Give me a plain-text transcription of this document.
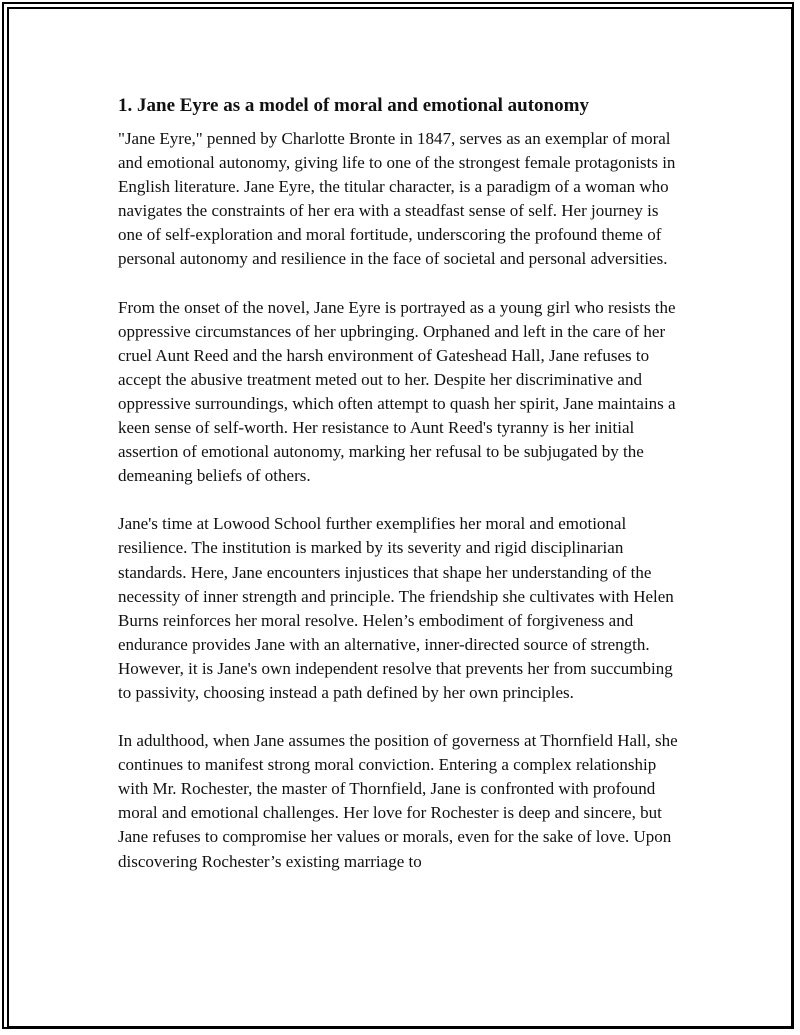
1. Jane Eyre as a model of moral and emotional autonomy

"Jane Eyre," penned by Charlotte Bronte in 1847, serves as an exemplar of moral and emotional autonomy, giving life to one of the strongest female protagonists in English literature. Jane Eyre, the titular character, is a paradigm of a woman who navigates the constraints of her era with a steadfast sense of self. Her journey is one of self-exploration and moral fortitude, underscoring the profound theme of personal autonomy and resilience in the face of societal and personal adversities.

From the onset of the novel, Jane Eyre is portrayed as a young girl who resists the oppressive circumstances of her upbringing. Orphaned and left in the care of her cruel Aunt Reed and the harsh environment of Gateshead Hall, Jane refuses to accept the abusive treatment meted out to her. Despite her discriminative and oppressive surroundings, which often attempt to quash her spirit, Jane maintains a keen sense of self-worth. Her resistance to Aunt Reed's tyranny is her initial assertion of emotional autonomy, marking her refusal to be subjugated by the demeaning beliefs of others.

Jane's time at Lowood School further exemplifies her moral and emotional resilience. The institution is marked by its severity and rigid disciplinarian standards. Here, Jane encounters injustices that shape her understanding of the necessity of inner strength and principle. The friendship she cultivates with Helen Burns reinforces her moral resolve. Helen’s embodiment of forgiveness and endurance provides Jane with an alternative, inner-directed source of strength. However, it is Jane's own independent resolve that prevents her from succumbing to passivity, choosing instead a path defined by her own principles.

In adulthood, when Jane assumes the position of governess at Thornfield Hall, she continues to manifest strong moral conviction. Entering a complex relationship with Mr. Rochester, the master of Thornfield, Jane is confronted with profound moral and emotional challenges. Her love for Rochester is deep and sincere, but Jane refuses to compromise her values or morals, even for the sake of love. Upon discovering Rochester’s existing marriage to
